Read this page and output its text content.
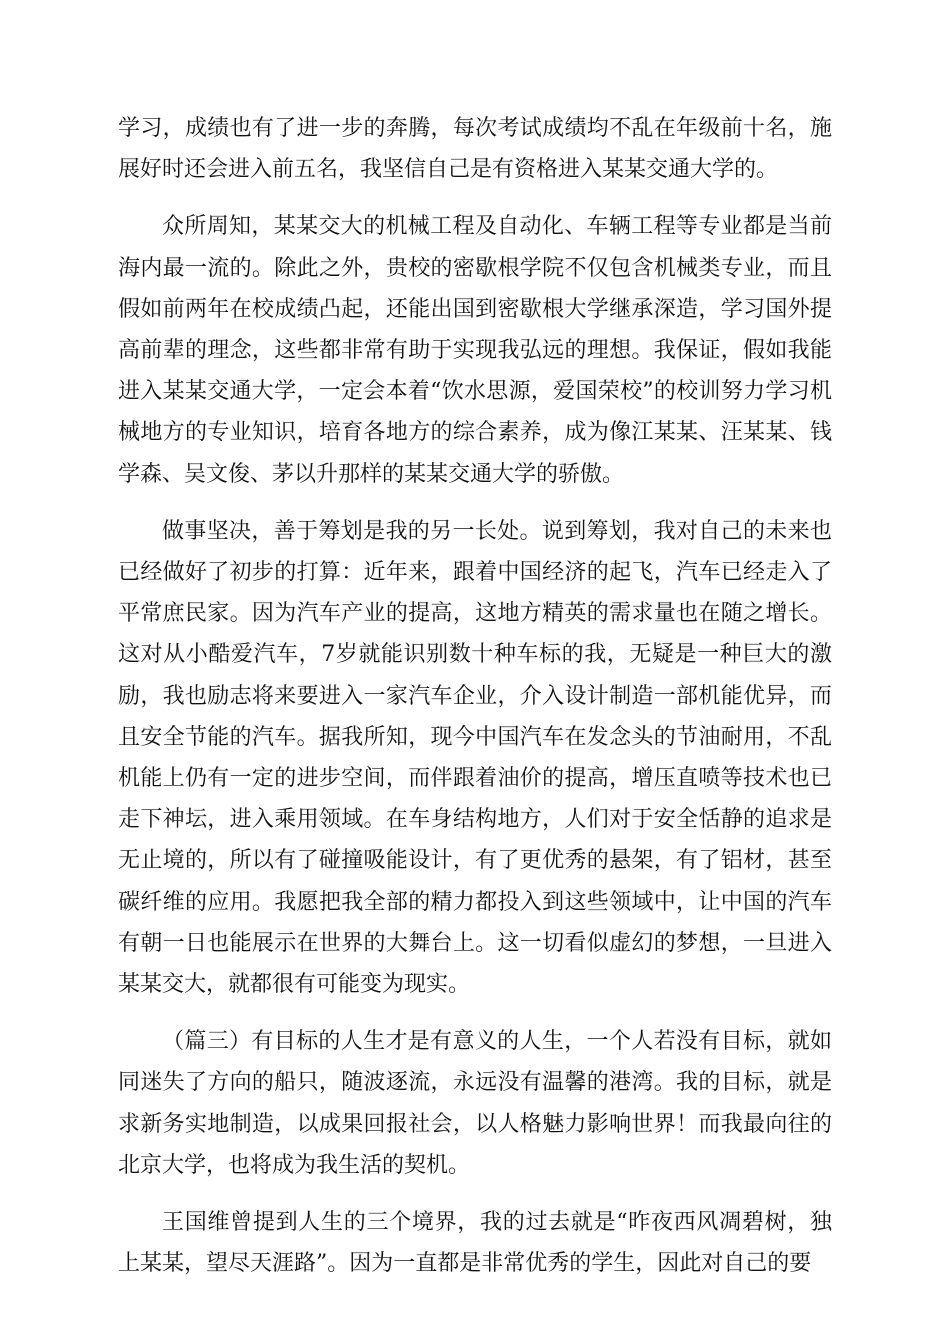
学习，成绩也有了进一步的奔腾，每次考试成绩均不乱在年级前十名，施展好时还会进入前五名，我坚信自己是有资格进入某某交通大学的。

众所周知，某某交大的机械工程及自动化、车辆工程等专业都是当前海内最一流的。除此之外，贵校的密歇根学院不仅包含机械类专业，而且假如前两年在校成绩凸起，还能出国到密歇根大学继承深造，学习国外提高前辈的理念，这些都非常有助于实现我弘远的理想。我保证，假如我能进入某某交通大学，一定会本着“饮水思源，爱国荣校”的校训努力学习机械地方的专业知识，培育各地方的综合素养，成为像江某某、汪某某、钱学森、吴文俊、茅以升那样的某某交通大学的骄傲。

做事坚决，善于筹划是我的另一长处。说到筹划，我对自己的未来也已经做好了初步的打算：近年来，跟着中国经济的起飞，汽车已经走入了平常庶民家。因为汽车产业的提高，这地方精英的需求量也在随之增长。这对从小酷爱汽车，7岁就能识别数十种车标的我，无疑是一种巨大的激励，我也励志将来要进入一家汽车企业，介入设计制造一部机能优异，而且安全节能的汽车。据我所知，现今中国汽车在发念头的节油耐用，不乱机能上仍有一定的进步空间，而伴跟着油价的提高，增压直喷等技术也已走下神坛，进入乘用领域。在车身结构地方，人们对于安全恬静的追求是无止境的，所以有了碰撞吸能设计，有了更优秀的悬架，有了铝材，甚至碳纤维的应用。我愿把我全部的精力都投入到这些领域中，让中国的汽车有朝一日也能展示在世界的大舞台上。这一切看似虚幻的梦想，一旦进入某某交大，就都很有可能变为现实。

（篇三）有目标的人生才是有意义的人生，一个人若没有目标，就如同迷失了方向的船只，随波逐流，永远没有温馨的港湾。我的目标，就是求新务实地制造，以成果回报社会，以人格魅力影响世界！而我最向往的北京大学，也将成为我生活的契机。

王国维曾提到人生的三个境界，我的过去就是“昨夜西风凋碧树，独上某某，望尽天涯路”。因为一直都是非常优秀的学生，因此对自己的要
